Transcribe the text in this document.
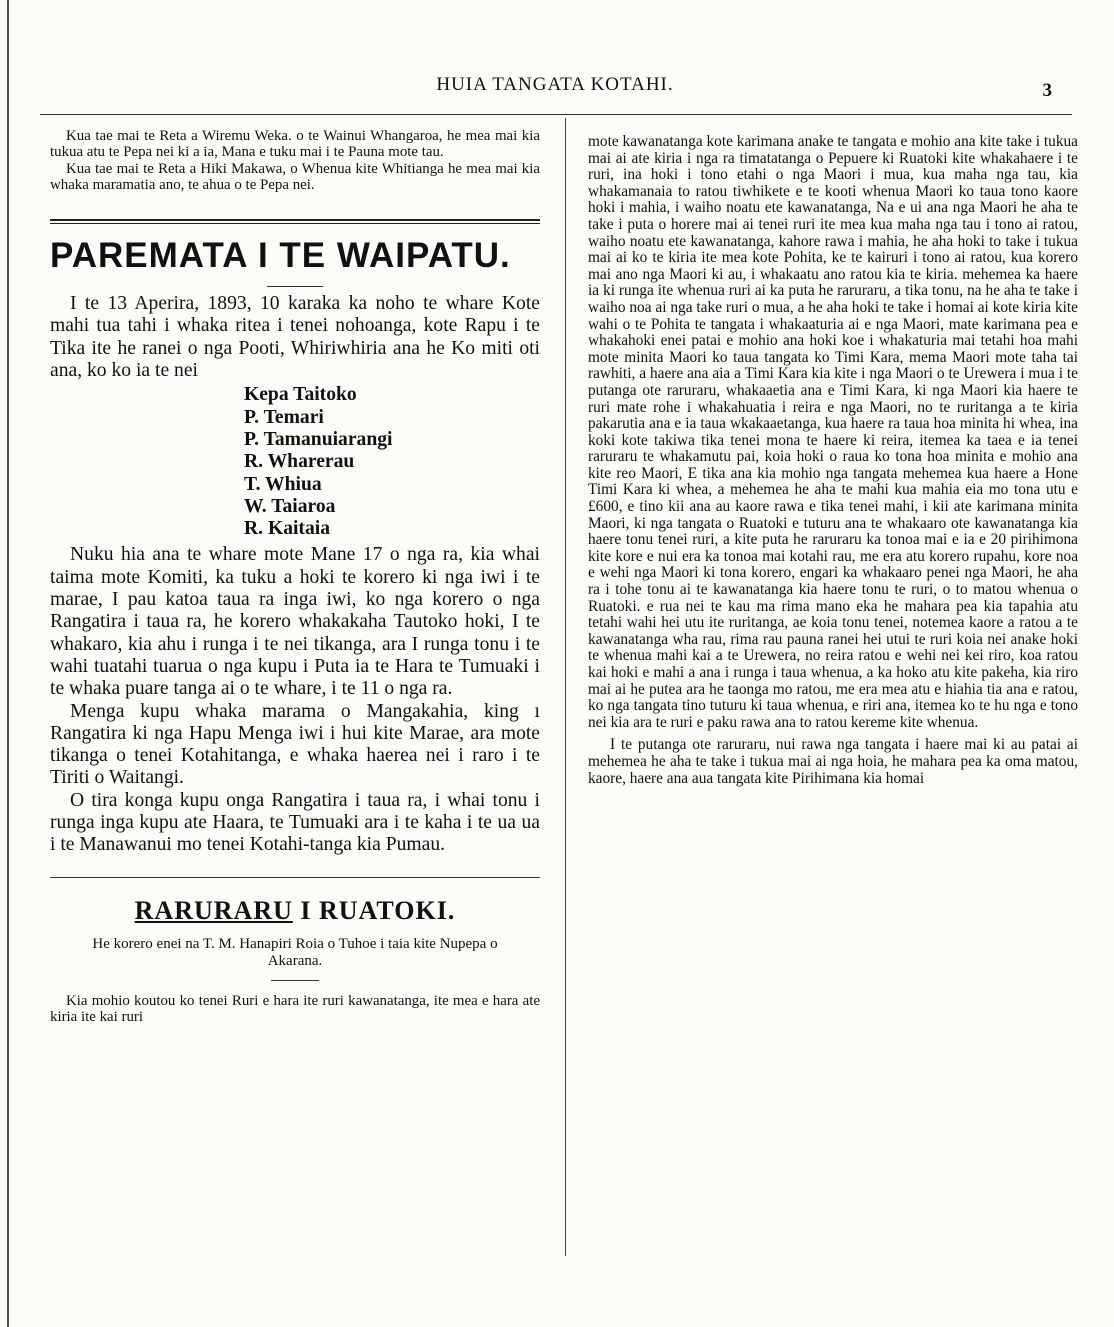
HUIA TANGATA KOTAHI.	3

Kua tae mai te Reta a Wiremu Weka. o te Wainui Whangaroa, he mea mai kia tukua atu te Pepa nei ki a ia, Mana e tuku mai i te Pauna mote tau.

Kua tae mai te Reta a Hiki Makawa, o Whenua kite Whitianga he mea mai kia whaka maramatia ano, te ahua o te Pepa nei.

PAREMATA I TE WAIPATU.

I te 13 Aperira, 1893, 10 karaka ka noho te whare Kote mahi tua tahi i whaka ritea i tenei nohoanga, kote Rapu i te Tika ite he ranei o nga Pooti, Whiriwhiria ana he Ko miti oti ana, ko ko ia te nei

Kepa Taitoko
P. Temari
P. Tamanuiarangi
R. Wharerau
T. Whiua
W. Taiaroa
R. Kaitaia

Nuku hia ana te whare mote Mane 17 o nga ra, kia whai taima mote Komiti, ka tuku a hoki te korero ki nga iwi i te marae, I pau katoa taua ra inga iwi, ko nga korero o nga Rangatira i taua ra, he korero whakakaha Tautoko hoki, I te whakaro, kia ahu i runga i te nei tikanga, ara I runga tonu i te wahi tuatahi tuarua o nga kupu i Puta ia te Hara te Tumuaki i te whaka puare tanga ai o te whare, i te 11 o nga ra.

Menga kupu whaka marama o Mangakahia, king ı Rangatira ki nga Hapu Menga iwi i hui kite Marae, ara mote tikanga o tenei Kotahitanga, e whaka haerea nei i raro i te Tiriti o Waitangi.

O tira konga kupu onga Rangatira i taua ra, i whai tonu i runga inga kupu ate Haara, te Tumuaki ara i te kaha i te ua ua i te Manawanui mo tenei Kotahi-tanga kia Pumau.

RARURARU I RUATOKI.

He korero enei na T. M. Hanapiri Roia o Tuhoe i taia kite Nupepa o Akarana.

Kia mohio koutou ko tenei Ruri e hara ite ruri kawanatanga, ite mea e hara ate kiria ite kai ruri

mote kawanatanga kote karimana anake te tangata e mohio ana kite take i tukua mai ai ate kiria i nga ra timatatanga o Pepuere ki Ruatoki kite whakahaere i te ruri, ina hoki i tono etahi o nga Maori i mua, kua maha nga tau, kia whakamanaia to ratou tiwhikete e te kooti whenua Maori ko taua tono kaore hoki i mahia, i waiho noatu ete kawanatanga, Na e ui ana nga Maori he aha te take i puta o horere mai ai tenei ruri ite mea kua maha nga tau i tono ai ratou, waiho noatu ete kawanatanga, kahore rawa i mahia, he aha hoki to take i tukua mai ai ko te kiria ite mea kote Pohita, ke te kairuri i tono ai ratou, kua korero mai ano nga Maori ki au, i whakaatu ano ratou kia te kiria. mehemea ka haere ia ki runga ite whenua ruri ai ka puta he raruraru, a tika tonu, na he aha te take i waiho noa ai nga take ruri o mua, a he aha hoki te take i homai ai kote kiria kite wahi o te Pohita te tangata i whakaaturia ai e nga Maori, mate karimana pea e whakahoki enei patai e mohio ana hoki koe i whakaturia mai tetahi hoa mahi mote minita Maori ko taua tangata ko Timi Kara, mema Maori mote taha tai rawhiti, a haere ana aia a Timi Kara kia kite i nga Maori o te Urewera i mua i te putanga ote raruraru, whakaaetia ana e Timi Kara, ki nga Maori kia haere te ruri mate rohe i whakahuatia i reira e nga Maori, no te ruritanga a te kiria pakarutia ana e ia taua wkakaaetanga, kua haere ra taua hoa minita hi whea, ina koki kote takiwa tika tenei mona te haere ki reira, itemea ka taea e ia tenei raruraru te whakamutu pai, koia hoki o raua ko tona hoa minita e mohio ana kite reo Maori, E tika ana kia mohio nga tangata mehemea kua haere a Hone Timi Kara ki whea, a mehemea he aha te mahi kua mahia eia mo tona utu e £600, e tino kii ana au kaore rawa e tika tenei mahi, i kii ate karimana minita Maori, ki nga tangata o Ruatoki e tuturu ana te whakaaro ote kawanatanga kia haere tonu tenei ruri, a kite puta he raruraru ka tonoa mai e ia e 20 pirihimona kite kore e nui era ka tonoa mai kotahi rau, me era atu korero rupahu, kore noa e wehi nga Maori ki tona korero, engari ka whakaaro penei nga Maori, he aha ra i tohe tonu ai te kawanatanga kia haere tonu te ruri, o to matou whenua o Ruatoki. e rua nei te kau ma rima mano eka he mahara pea kia tapahia atu tetahi wahi hei utu ite ruritanga, ae koia tonu tenei, notemea kaore a ratou a te kawanatanga wha rau, rima rau pauna ranei hei utui te ruri koia nei anake hoki te whenua mahi kai a te Urewera, no reira ratou e wehi nei kei riro, koa ratou kai hoki e mahi a ana i runga i taua whenua, a ka hoko atu kite pakeha, kia riro mai ai he putea ara he taonga mo ratou, me era mea atu e hiahia tia ana e ratou, ko nga tangata tino tuturu ki taua whenua, e riri ana, itemea ko te hu nga e tono nei kia ara te ruri e paku rawa ana to ratou kereme kite whenua.

I te putanga ote raruraru, nui rawa nga tangata i haere mai ki au patai ai mehemea he aha te take i tukua mai ai nga hoia, he mahara pea ka oma matou, kaore, haere ana aua tangata kite Pirihimana kia homai
